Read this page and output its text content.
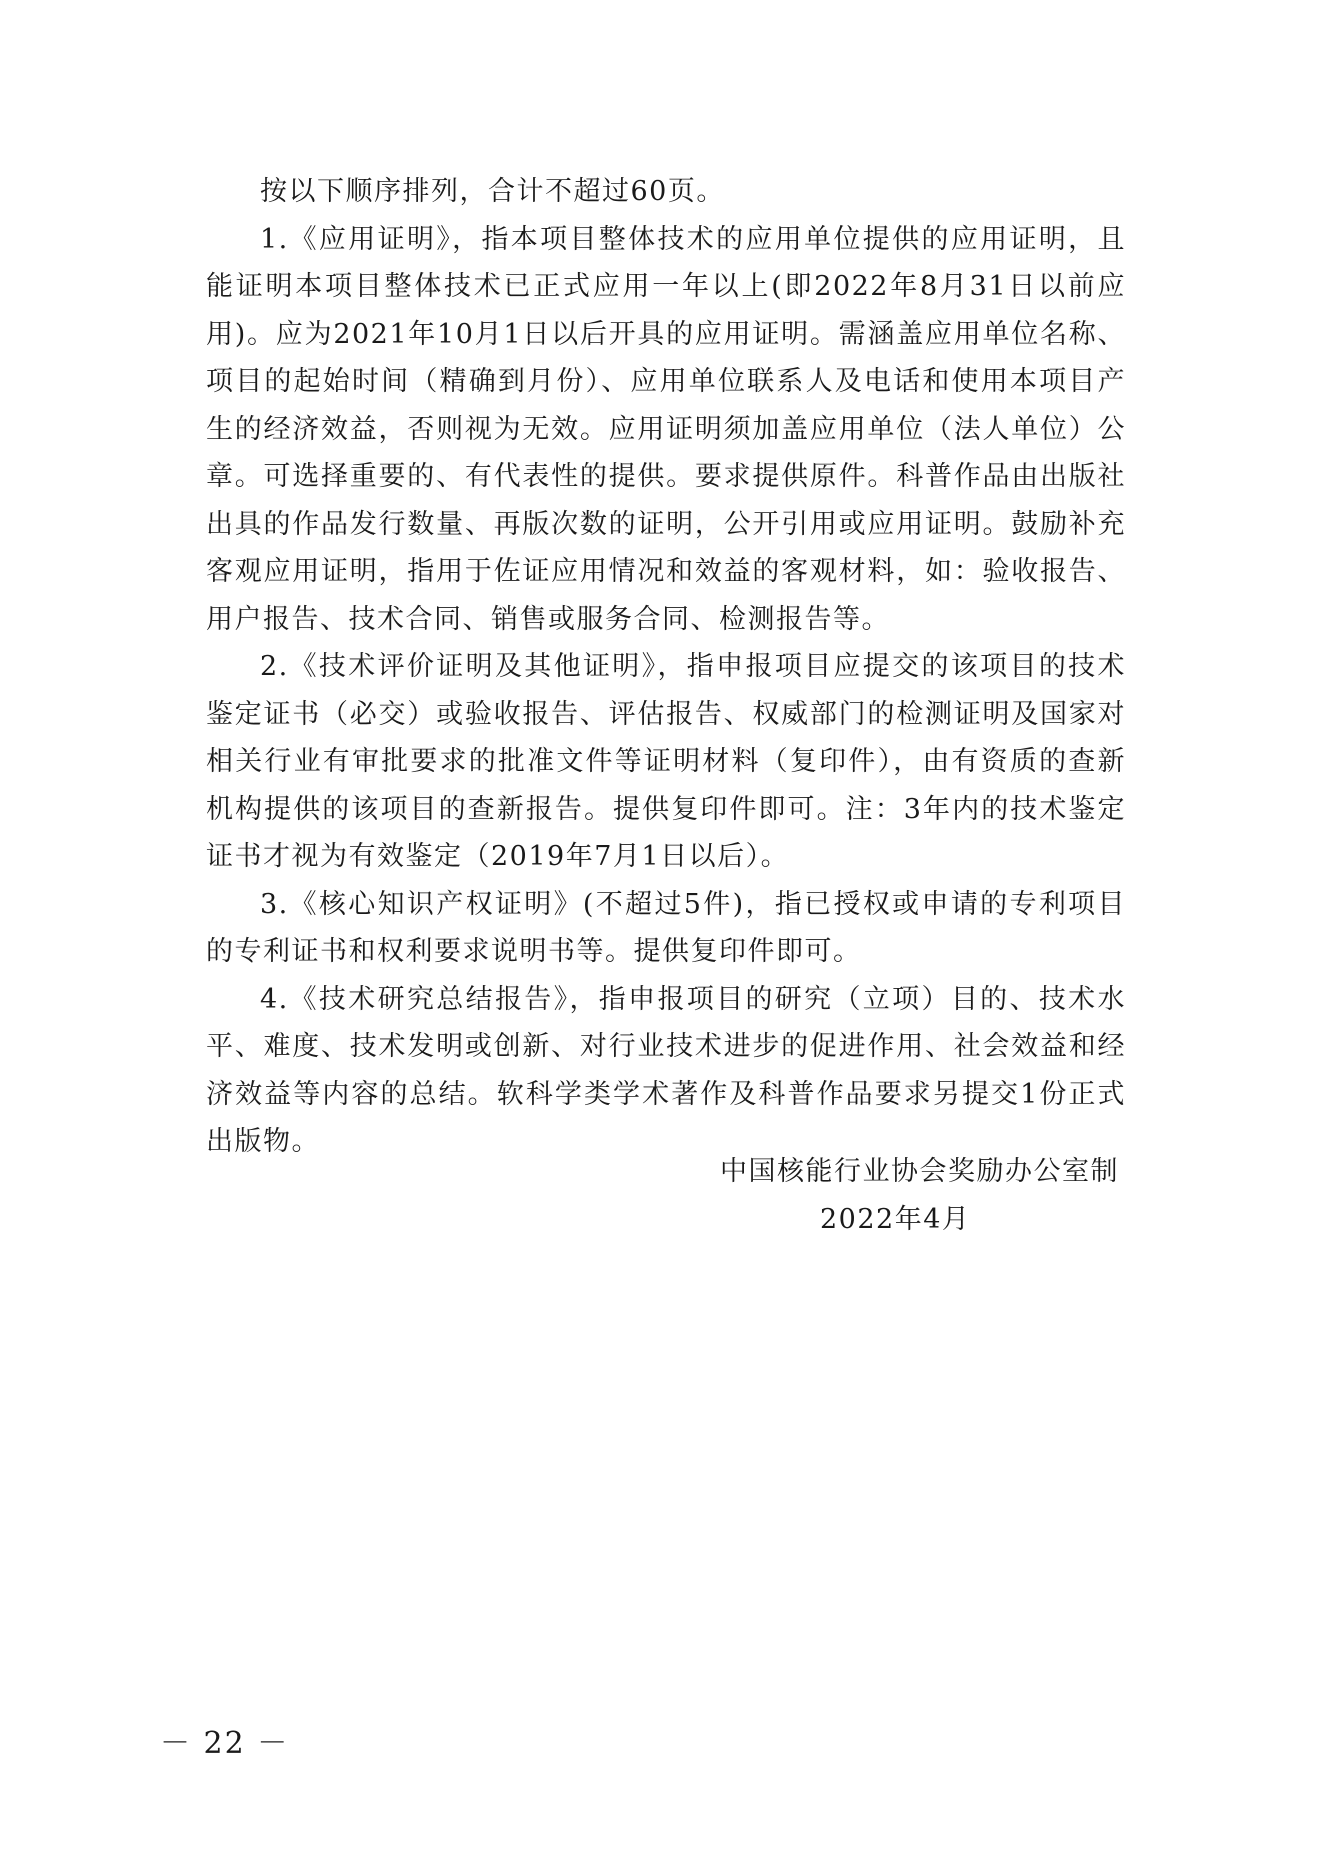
按以下顺序排列，合计不超过60页。

1.《应用证明》，指本项目整体技术的应用单位提供的应用证明，且能证明本项目整体技术已正式应用一年以上(即2022年8月31日以前应用)。应为2021年10月1日以后开具的应用证明。需涵盖应用单位名称、项目的起始时间（精确到月份）、应用单位联系人及电话和使用本项目产生的经济效益，否则视为无效。应用证明须加盖应用单位（法人单位）公章。可选择重要的、有代表性的提供。要求提供原件。科普作品由出版社出具的作品发行数量、再版次数的证明，公开引用或应用证明。鼓励补充客观应用证明，指用于佐证应用情况和效益的客观材料，如：验收报告、用户报告、技术合同、销售或服务合同、检测报告等。

2.《技术评价证明及其他证明》，指申报项目应提交的该项目的技术鉴定证书（必交）或验收报告、评估报告、权威部门的检测证明及国家对相关行业有审批要求的批准文件等证明材料（复印件），由有资质的查新机构提供的该项目的查新报告。提供复印件即可。注：3年内的技术鉴定证书才视为有效鉴定（2019年7月1日以后）。

3.《核心知识产权证明》(不超过5件)，指已授权或申请的专利项目的专利证书和权利要求说明书等。提供复印件即可。

4.《技术研究总结报告》，指申报项目的研究（立项）目的、技术水平、难度、技术发明或创新、对行业技术进步的促进作用、社会效益和经济效益等内容的总结。软科学类学术著作及科普作品要求另提交1份正式出版物。

中国核能行业协会奖励办公室制
2022年4月
－ 22 －
